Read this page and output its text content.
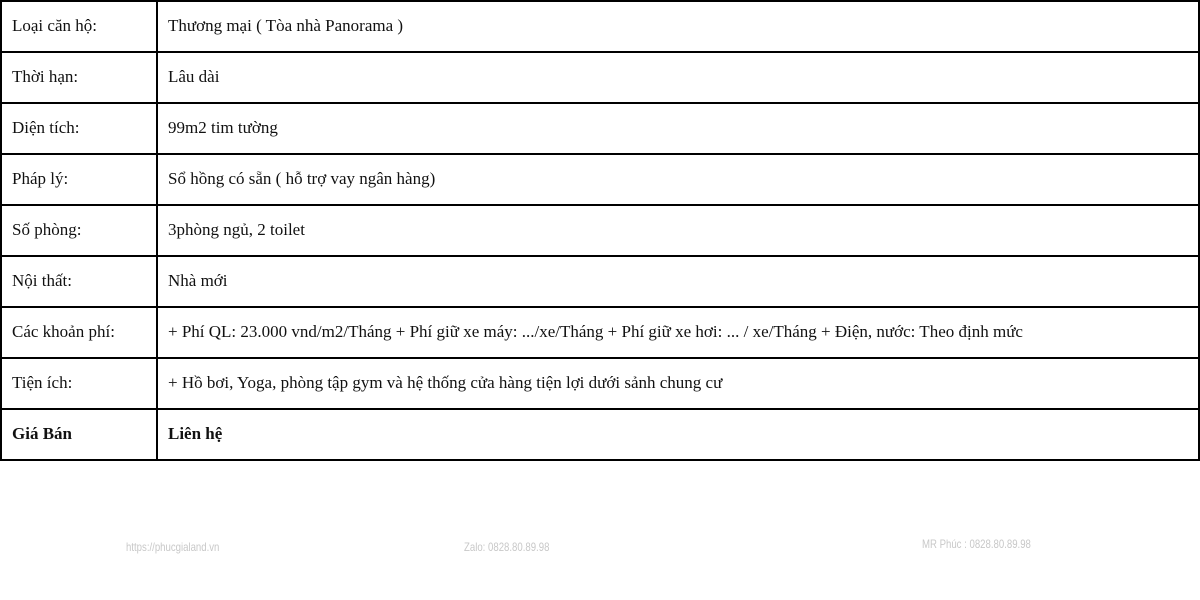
Loại căn hộ:	Thương mại ( Tòa nhà Panorama )
Thời hạn:	Lâu dài
Diện tích:	99m2 tim tường
Pháp lý:	Sổ hồng có sẵn ( hỗ trợ vay ngân hàng)
Số phòng:	3phòng ngủ, 2 toilet
Nội thất:	Nhà mới
Các khoản phí:	+ Phí QL: 23.000 vnd/m2/Tháng + Phí giữ xe máy: .../xe/Tháng + Phí giữ xe hơi: ... / xe/Tháng + Điện, nước: Theo định mức
Tiện ích:	+ Hồ bơi, Yoga, phòng tập gym và hệ thống cửa hàng tiện lợi dưới sảnh chung cư
Giá Bán	Liên hệ
https://phucgialand.vn	Zalo: 0828.80.89.98	MR Phúc : 0828.80.89.98
